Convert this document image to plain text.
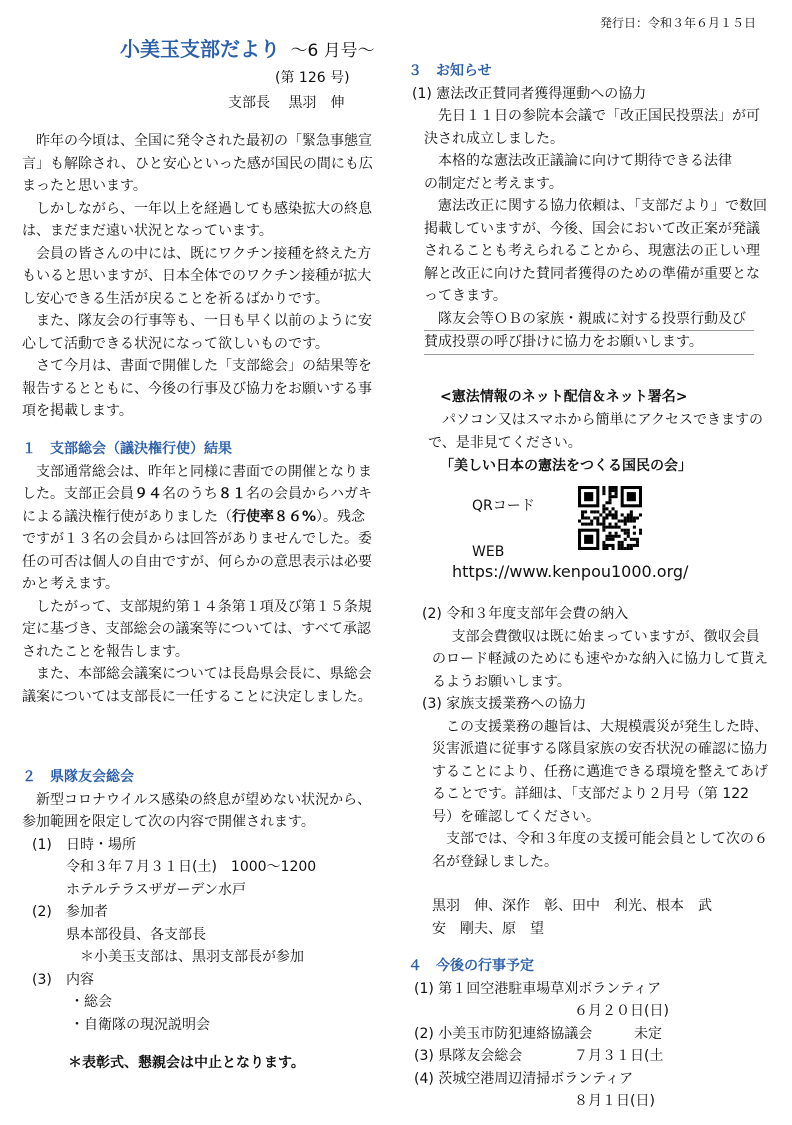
発行日：令和３年６月１５日
小美玉支部だより ～6 月号～
(第 126 号)
支部長　 黒羽　伸

昨年の今頃は、全国に発令された最初の「緊急事態宣言」も解除され、ひと安心といった感が国民の間にも広まったと思います。

しかしながら、一年以上を経過しても感染拡大の終息は、まだまだ遠い状況となっています。

会員の皆さんの中には、既にワクチン接種を終えた方もいると思いますが、日本全体でのワクチン接種が拡大し安心できる生活が戻ることを祈るばかりです。

また、隊友会の行事等も、一日も早く以前のように安心して活動できる状況になって欲しいものです。

さて今月は、書面で開催した「支部総会」の結果等を報告するとともに、今後の行事及び協力をお願いする事項を掲載します。

１　支部総会（議決権行使）結果

支部通常総会は、昨年と同様に書面での開催となりました。支部正会員９４名のうち８１名の会員からハガキによる議決権行使がありました（行使率８６%）。残念ですが１３名の会員からは回答がありませんでした。委任の可否は個人の自由ですが、何らかの意思表示は必要かと考えます。

したがって、支部規約第１４条第１項及び第１５条規定に基づき、支部総会の議案等については、すべて承認されたことを報告します。

また、本部総会議案については長島県会長に、県総会議案については支部長に一任することに決定しました。

２　県隊友会総会

新型コロナウイルス感染の終息が望めない状況から、参加範囲を限定して次の内容で開催されます。

(1) 日時・場所
令和３年７月３１日(土)　1000～1200
ホテルテラスザガーデン水戸
(2) 参加者
県本部役員、各支部長
＊小美玉支部は、黒羽支部長が参加
(3) 内容
・総会
・自衛隊の現況説明会
＊表彰式、懇親会は中止となります。

３　お知らせ

(1) 憲法改正賛同者獲得運動への協力

先日１１日の参院本会議で「改正国民投票法」が可決され成立しました。

本格的な憲法改正議論に向けて期待できる法律

の制定だと考えます。

憲法改正に関する協力依頼は、「支部だより」で数回掲載していますが、今後、国会において改正案が発議されることも考えられることから、現憲法の正しい理解と改正に向けた賛同者獲得のための準備が重要となってきます。

隊友会等ＯＢの家族・親戚に対する投票行動及び
賛成投票の呼び掛けに協力をお願いします。
<憲法情報のネット配信＆ネット署名>

パソコン又はスマホから簡単にアクセスできますので、是非見てください。

「美しい日本の憲法をつくる国民の会」
QRコード
WEB
https://www.kenpou1000.org/

(2) 令和３年度支部年会費の納入

支部会費徴収は既に始まっていますが、徴収会員のロード軽減のためにも速やかな納入に協力して貰えるようお願いします。

(3) 家族支援業務への協力

この支援業務の趣旨は、大規模震災が発生した時、災害派遣に従事する隊員家族の安否状況の確認に協力することにより、任務に邁進できる環境を整えてあげることです。詳細は、「支部だより２月号（第 122 号）を確認してください。

支部では、令和３年度の支援可能会員として次の６名が登録しました。

黒羽　伸、深作　彰、田中　利光、根本　武
安　剛夫、原　望

４　今後の行事予定

(1) 第１回空港駐車場草刈ボランティア
６月２０日(日)
(2) 小美玉市防犯連絡協議会	未定
(3) 県隊友会総会	７月３１日(土
(4) 茨城空港周辺清掃ボランティア
８月１日(日)
